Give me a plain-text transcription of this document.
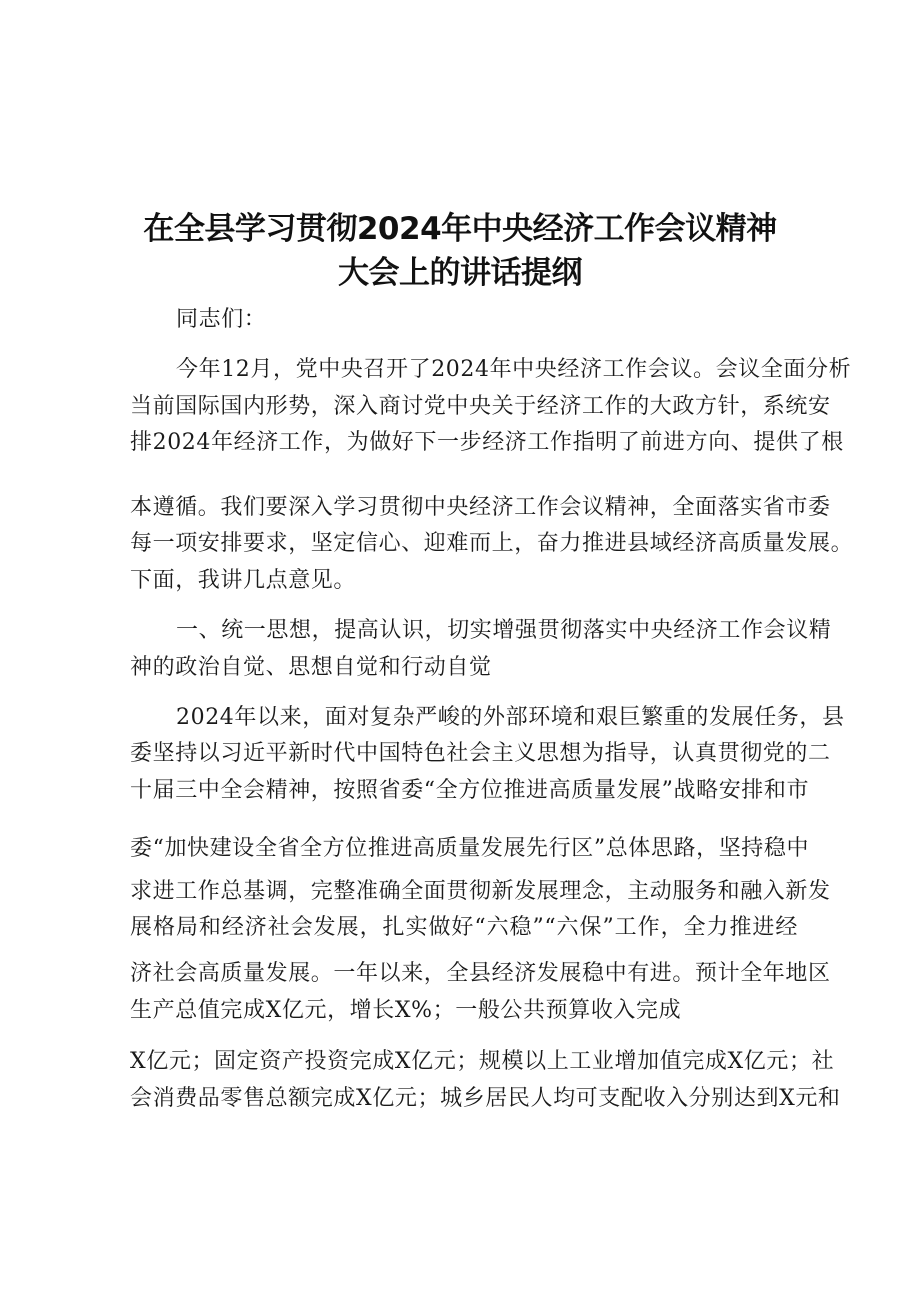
在全县学习贯彻2024年中央经济工作会议精神
大会上的讲话提纲
同志们：
今年12月，党中央召开了2024年中央经济工作会议。会议全面分析
当前国际国内形势，深入商讨党中央关于经济工作的大政方针，系统安
排2024年经济工作，为做好下一步经济工作指明了前进方向、提供了根
本遵循。我们要深入学习贯彻中央经济工作会议精神，全面落实省市委
每一项安排要求，坚定信心、迎难而上，奋力推进县域经济高质量发展。
下面，我讲几点意见。
一、统一思想，提高认识，切实增强贯彻落实中央经济工作会议精
神的政治自觉、思想自觉和行动自觉
2024年以来，面对复杂严峻的外部环境和艰巨繁重的发展任务，县
委坚持以习近平新时代中国特色社会主义思想为指导，认真贯彻党的二
十届三中全会精神，按照省委“全方位推进高质量发展”战略安排和市
委“加快建设全省全方位推进高质量发展先行区”总体思路，坚持稳中
求进工作总基调，完整准确全面贯彻新发展理念，主动服务和融入新发
展格局和经济社会发展，扎实做好“六稳”“六保”工作，全力推进经
济社会高质量发展。一年以来，全县经济发展稳中有进。预计全年地区
生产总值完成X亿元，增长X%；一般公共预算收入完成
X亿元；固定资产投资完成X亿元；规模以上工业增加值完成X亿元；社
会消费品零售总额完成X亿元；城乡居民人均可支配收入分别达到X元和
